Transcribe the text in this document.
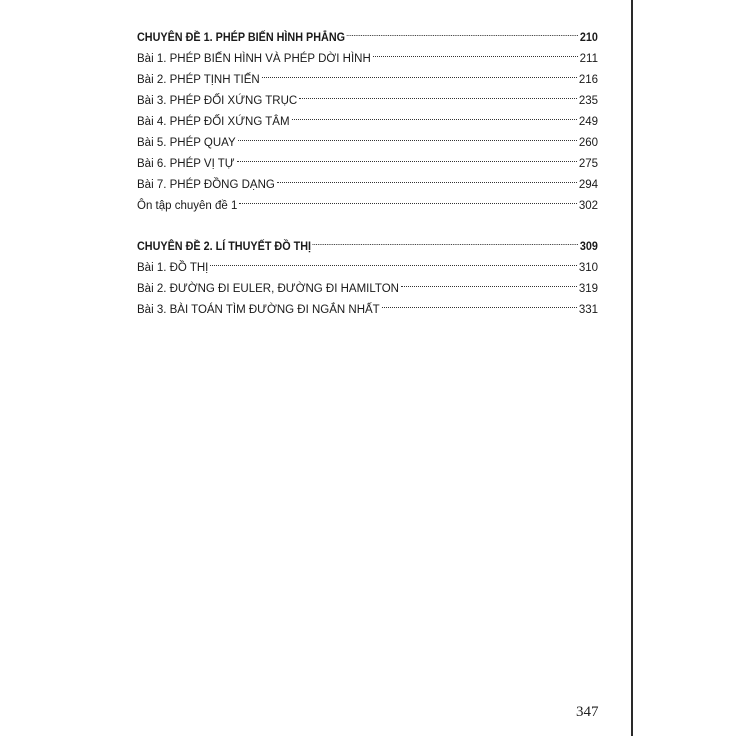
CHUYÊN ĐỀ 1. PHÉP BIẾN HÌNH PHẲNG	210
Bài 1. PHÉP BIẾN HÌNH VÀ PHÉP DỜI HÌNH	211
Bài 2. PHÉP TỊNH TIẾN	216
Bài 3. PHÉP ĐỐI XỨNG TRỤC	235
Bài 4. PHÉP ĐỐI XỨNG TÂM	249
Bài 5. PHÉP QUAY	260
Bài 6. PHÉP VỊ TỰ	275
Bài 7. PHÉP ĐỒNG DẠNG	294
Ôn tập chuyên đề 1	302
CHUYÊN ĐỀ 2. LÍ THUYẾT ĐỒ THỊ	309
Bài 1. ĐỒ THỊ	310
Bài 2. ĐƯỜNG ĐI EULER, ĐƯỜNG ĐI HAMILTON	319
Bài 3. BÀI TOÁN TÌM ĐƯỜNG ĐI NGẮN NHẤT	331
347
